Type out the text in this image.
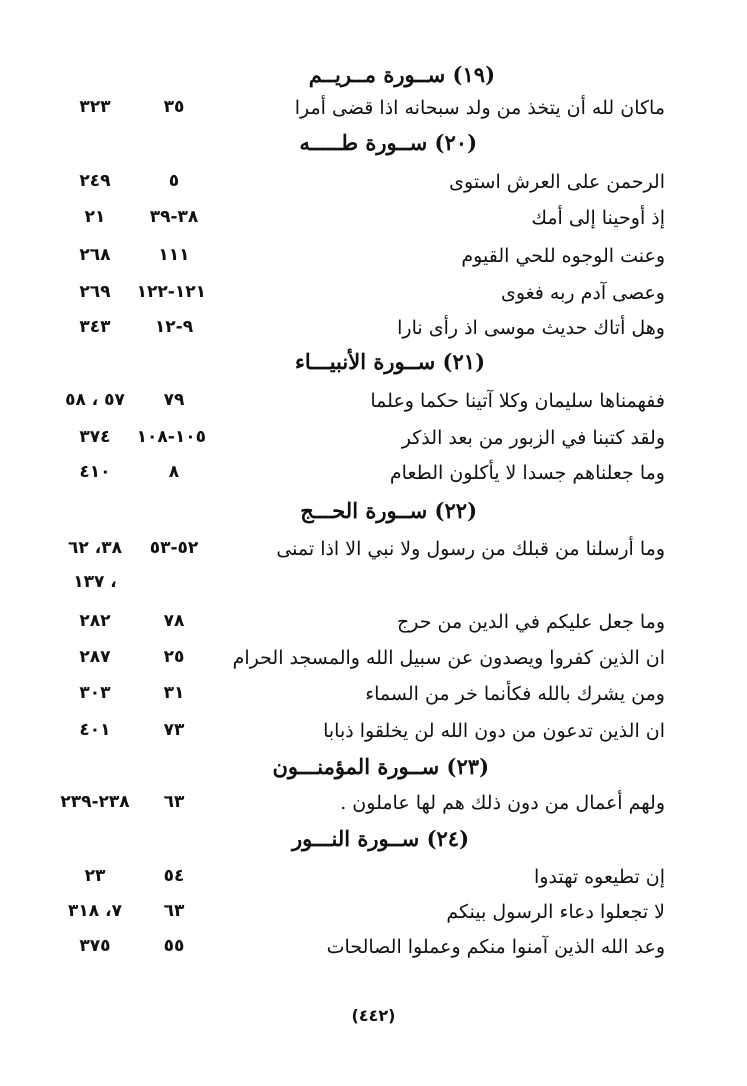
(١٩) ســورة مــريــم
ماكان لله أن يتخذ من ولد سبحانه اذا قضى أمرا
٣٥
٣٢٣
(٢٠) ســورة طـــــه
الرحمن على العرش استوى
٥
٢٤٩
إذ أوحينا إلى أمك
٣٨-٣٩
٢١
وعنت الوجوه للحي القيوم
١١١
٢٦٨
وعصى آدم ربه فغوى
١٢١-١٢٢
٢٦٩
وهل أتاك حديث موسى اذ رأى نارا
٩-١٢
٣٤٣
(٢١) ســورة الأنبيـــاء
ففهمناها سليمان وكلا آتينا حكما وعلما
٧٩
٥٧ ، ٥٨
ولقد كتبنا في الزبور من بعد الذكر
١٠٥-١٠٨
٣٧٤
وما جعلناهم جسدا لا يأكلون الطعام
٨
٤١٠
(٢٢) ســورة الحـــج
وما أرسلنا من قبلك من رسول ولا نبي الا اذا تمنى
٥٢-٥٣
٣٨، ٦٢
، ١٣٧
وما جعل عليكم في الدين من حرج
٧٨
٢٨٢
ان الذين كفروا ويصدون عن سبيل الله والمسجد الحرام
٢٥
٢٨٧
ومن يشرك بالله فكأنما خر من السماء
٣١
٣٠٣
ان الذين تدعون من دون الله لن يخلقوا ذبابا
٧٣
٤٠١
(٢٣) ســورة المؤمنـــون
ولهم أعمال من دون ذلك هم لها عاملون .
٦٣
٢٣٨-٢٣٩
(٢٤) ســورة النـــور
إن تطيعوه تهتدوا
٥٤
٢٣
لا تجعلوا دعاء الرسول بينكم
٦٣
٧، ٣١٨
وعد الله الذين آمنوا منكم وعملوا الصالحات
٥٥
٣٧٥
(٤٤٢)
